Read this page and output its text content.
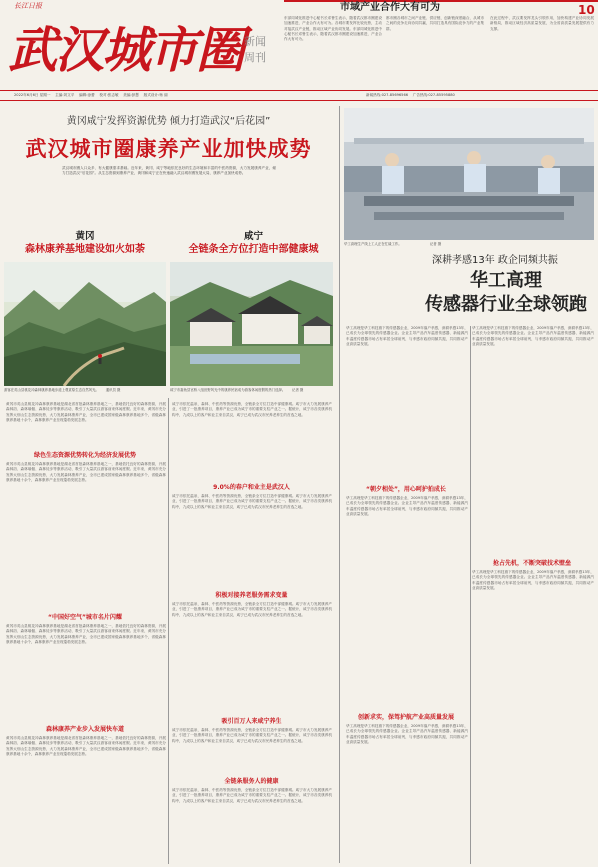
长江日报
武汉城市圈 新闻
周刊
10
市域产业合作大有可为
东部同城化推进中心秘书长邓鲁生表示，随着武汉都市圈建设加速推进，产业合作大有可为。各城市要发挥比较优势，主动对接武汉产业链，推动区域产业协同发展。东部同城化推进中心秘书长邓鲁生表示，随着武汉都市圈建设加速推进，产业合作大有可为。
都市圈各城市之间产业链、供应链、创新链深度融合，从城市之间的竞争走向协同共赢，共同打造具有国际竞争力的产业集群。
在此过程中，武汉要发挥龙头引领作用，加快构建产业协同发展新格局，推动区域经济高质量发展，为全省高质量发展提供有力支撑。
2022年6月6日 星期一　 主编:刘文平　 编辑:涂蕾 　校对:张志敏 　美编:彭慧 　版式设计:杨 丽	新闻热线:027-85696566　 广告热线:027-85595880
黄冈咸宁发挥资源优势 倾力打造武汉“后花园”
武汉城市圈康养产业加快成势
武汉城市圈人口众多、有大健康需求基础。近年来，黄冈、咸宁等地依托良好的生态环境和丰富的中医药资源，大力发展康养产业，倾力打造武汉“后花园”。从生态资源到康养产业，黄冈和咸宁正在快速融入武汉城市圈发展大局，康养产业加快成势。
黄冈
森林康养基地建设如火如荼
咸宁
全链条全方位打造中部健康城
游客在英山县桃花冲森林康养基地步道上观赏原生态自然风光。　　通讯员 摄	咸宁市嘉鱼县官桥八组田野风光中的康养民宿成为游客休闲度假的热门选择。　　记者 摄
黄冈市英山县桃花冲森林康养基地是湖北省首批森林康养基地之一，基地依托良好的森林资源，开展森林浴、森林瑜伽、森林徒步等康养活动，吸引了大量武汉游客前来休闲度假。近年来，黄冈市充分发挥大别山生态资源优势，大力发展森林康养产业，全市已建成国家级森林康养基地多个，省级森林康养基地十余个，森林康养产业呈现蓬勃发展态势。
绿色生态资源优势转化为经济发展优势
黄冈市英山县桃花冲森林康养基地是湖北省首批森林康养基地之一，基地依托良好的森林资源，开展森林浴、森林瑜伽、森林徒步等康养活动，吸引了大量武汉游客前来休闲度假。近年来，黄冈市充分发挥大别山生态资源优势，大力发展森林康养产业，全市已建成国家级森林康养基地多个，省级森林康养基地十余个，森林康养产业呈现蓬勃发展态势。
“中国好空气”城市名片闪耀
黄冈市英山县桃花冲森林康养基地是湖北省首批森林康养基地之一，基地依托良好的森林资源，开展森林浴、森林瑜伽、森林徒步等康养活动，吸引了大量武汉游客前来休闲度假。近年来，黄冈市充分发挥大别山生态资源优势，大力发展森林康养产业，全市已建成国家级森林康养基地多个，省级森林康养基地十余个，森林康养产业呈现蓬勃发展态势。
森林康养产业步入发展快车道
黄冈市英山县桃花冲森林康养基地是湖北省首批森林康养基地之一，基地依托良好的森林资源，开展森林浴、森林瑜伽、森林徒步等康养活动，吸引了大量武汉游客前来休闲度假。近年来，黄冈市充分发挥大别山生态资源优势，大力发展森林康养产业，全市已建成国家级森林康养基地多个，省级森林康养基地十余个，森林康养产业呈现蓬勃发展态势。
咸宁市依托温泉、森林、中医药等资源优势，全链条全方位打造中部健康城。咸宁市大力发展康养产业，引进了一批康养项目，康养产业已成为咸宁市的重要支柱产业之一。据统计，咸宁市各类康养机构中，九成以上的客户和业主来自武汉，咸宁已成为武汉市民养老养生的首选之地。
9.0%的春户和业主是武汉人
咸宁市依托温泉、森林、中医药等资源优势，全链条全方位打造中部健康城。咸宁市大力发展康养产业，引进了一批康养项目，康养产业已成为咸宁市的重要支柱产业之一。据统计，咸宁市各类康养机构中，九成以上的客户和业主来自武汉，咸宁已成为武汉市民养老养生的首选之地。
积极对接养老服务需求变量
咸宁市依托温泉、森林、中医药等资源优势，全链条全方位打造中部健康城。咸宁市大力发展康养产业，引进了一批康养项目，康养产业已成为咸宁市的重要支柱产业之一。据统计，咸宁市各类康养机构中，九成以上的客户和业主来自武汉，咸宁已成为武汉市民养老养生的首选之地。
吸引百万人来咸宁养生
咸宁市依托温泉、森林、中医药等资源优势，全链条全方位打造中部健康城。咸宁市大力发展康养产业，引进了一批康养项目，康养产业已成为咸宁市的重要支柱产业之一。据统计，咸宁市各类康养机构中，九成以上的客户和业主来自武汉，咸宁已成为武汉市民养老养生的首选之地。
全链条服务人的健康
咸宁市依托温泉、森林、中医药等资源优势，全链条全方位打造中部健康城。咸宁市大力发展康养产业，引进了一批康养项目，康养产业已成为咸宁市的重要支柱产业之一。据统计，咸宁市各类康养机构中，九成以上的客户和业主来自武汉，咸宁已成为武汉市民养老养生的首选之地。
华工高理生产线上工人正在忙碌工作。　　　　　　　　 记者 摄
深耕孝感13年 政企同频共振
华工高理
传感器行业全球领跑
华工高理是华工科技旗下的传感器企业，2009年落户孝感，深耕孝感13年，已成长为全球领先的传感器企业。企业主导产品汽车温度传感器、新能源汽车温度传感器市场占有率居全球前列，与孝感市政府同频共振，共同推动产业高质量发展。
“朝夕相处”，用心呵护拍成长
华工高理是华工科技旗下的传感器企业，2009年落户孝感，深耕孝感13年，已成长为全球领先的传感器企业。企业主导产品汽车温度传感器、新能源汽车温度传感器市场占有率居全球前列，与孝感市政府同频共振，共同推动产业高质量发展。
创新求实，保驾护航产业高质量发展
华工高理是华工科技旗下的传感器企业，2009年落户孝感，深耕孝感13年，已成长为全球领先的传感器企业。企业主导产品汽车温度传感器、新能源汽车温度传感器市场占有率居全球前列，与孝感市政府同频共振，共同推动产业高质量发展。
华工高理是华工科技旗下的传感器企业，2009年落户孝感，深耕孝感13年，已成长为全球领先的传感器企业。企业主导产品汽车温度传感器、新能源汽车温度传感器市场占有率居全球前列，与孝感市政府同频共振，共同推动产业高质量发展。
抢占先机，不断突破技术壁垒
华工高理是华工科技旗下的传感器企业，2009年落户孝感，深耕孝感13年，已成长为全球领先的传感器企业。企业主导产品汽车温度传感器、新能源汽车温度传感器市场占有率居全球前列，与孝感市政府同频共振，共同推动产业高质量发展。
